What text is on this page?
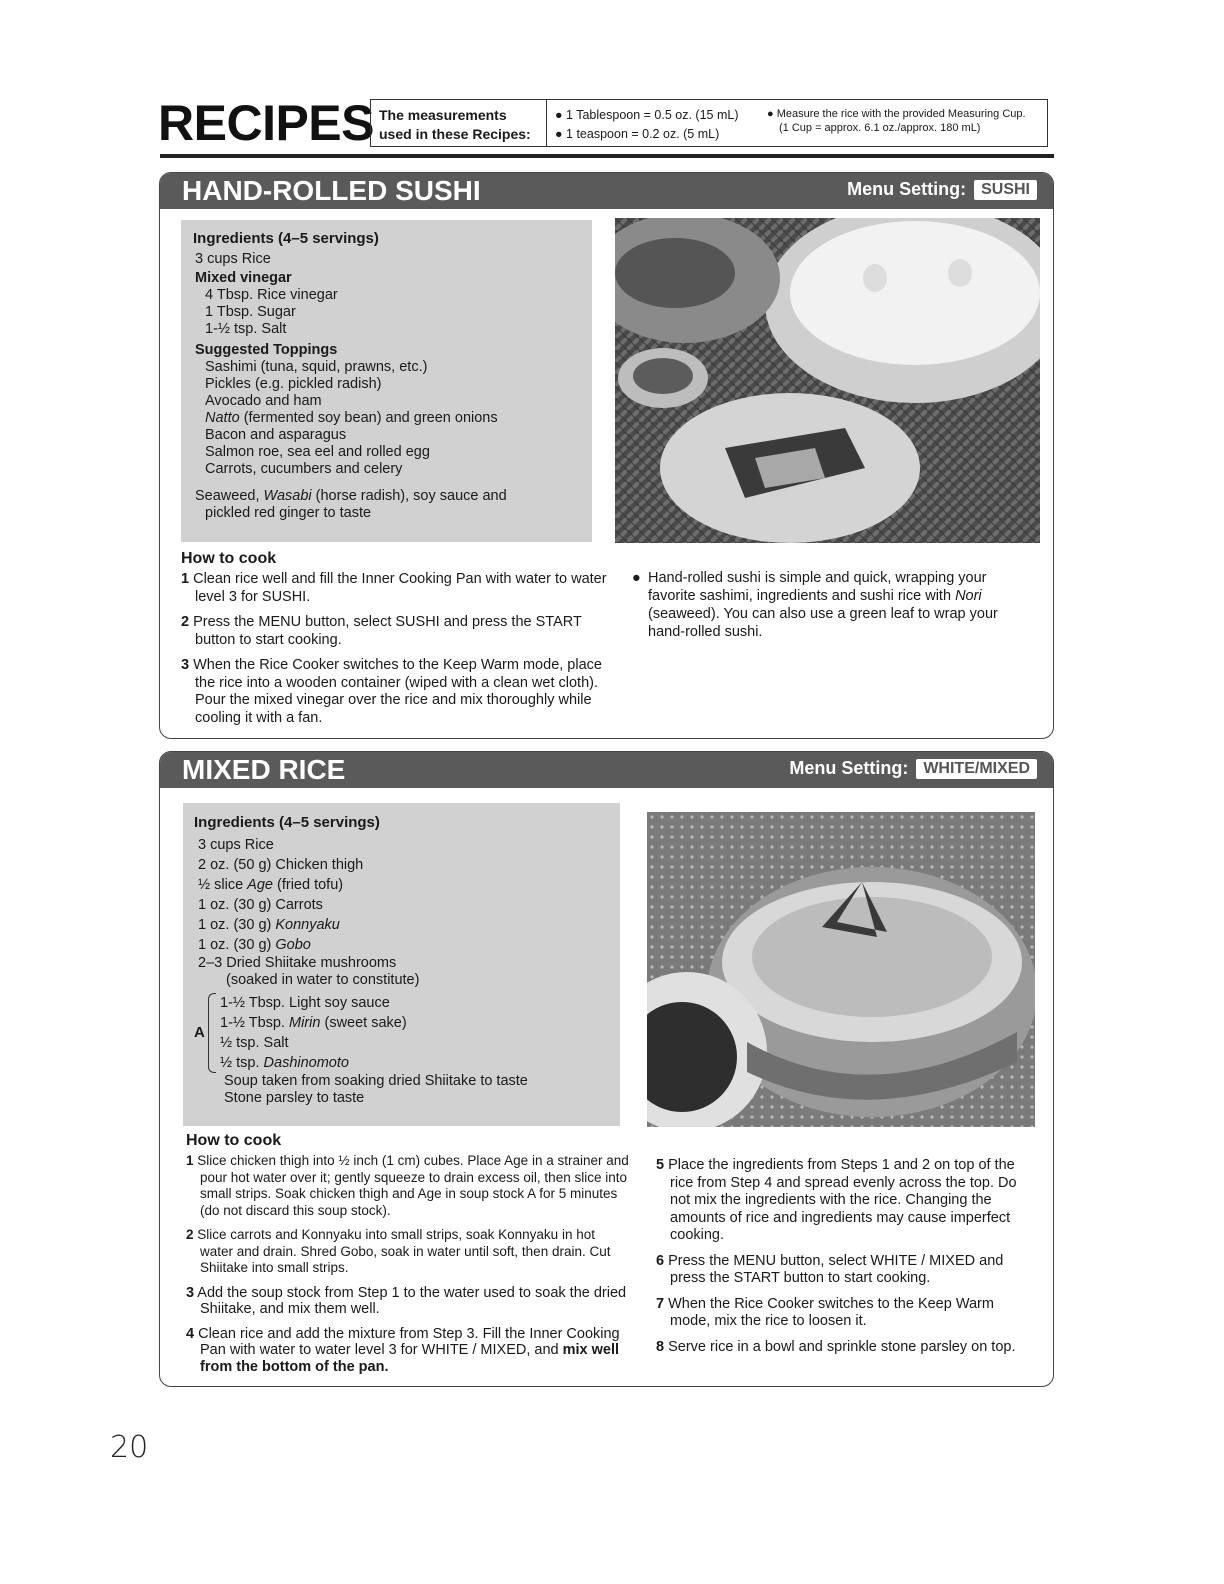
RECIPES The measurements
used in these Recipes:
● 1 Tablespoon = 0.5 oz. (15 mL)
● 1 teaspoon = 0.2 oz. (5 mL)
● Measure the rice with the provided Measuring Cup.
(1 Cup = approx. 6.1 oz./approx. 180 mL)
HAND-ROLLED SUSHI	Menu Setting: SUSHI
Ingredients (4–5 servings)
3 cups Rice
Mixed vinegar
4 Tbsp. Rice vinegar
1 Tbsp. Sugar
1-½ tsp. Salt
Suggested Toppings
Sashimi (tuna, squid, prawns, etc.)
Pickles (e.g. pickled radish)
Avocado and ham
Natto (fermented soy bean) and green onions
Bacon and asparagus
Salmon roe, sea eel and rolled egg
Carrots, cucumbers and celery
Seaweed, Wasabi (horse radish), soy sauce and
pickled red ginger to taste
How to cook
1 Clean rice well and fill the Inner Cooking Pan with water to water level 3 for SUSHI.
2 Press the MENU button, select SUSHI and press the START button to start cooking.
3 When the Rice Cooker switches to the Keep Warm mode, place the rice into a wooden container (wiped with a clean wet cloth). Pour the mixed vinegar over the rice and mix thoroughly while cooling it with a fan.
● Hand-rolled sushi is simple and quick, wrapping your favorite sashimi, ingredients and sushi rice with Nori (seaweed). You can also use a green leaf to wrap your hand-rolled sushi.
MIXED RICE	Menu Setting: WHITE/MIXED
Ingredients (4–5 servings)
3 cups Rice
2 oz. (50 g) Chicken thigh
½ slice Age (fried tofu)
1 oz. (30 g) Carrots
1 oz. (30 g) Konnyaku
1 oz. (30 g) Gobo
2–3 Dried Shiitake mushrooms
(soaked in water to constitute)
A
1-½ Tbsp. Light soy sauce
1-½ Tbsp. Mirin (sweet sake)
½ tsp. Salt
½ tsp. Dashinomoto
Soup taken from soaking dried Shiitake to taste
Stone parsley to taste
How to cook
1 Slice chicken thigh into ½ inch (1 cm) cubes. Place Age in a strainer and pour hot water over it; gently squeeze to drain excess oil, then slice into small strips. Soak chicken thigh and Age in soup stock A for 5 minutes (do not discard this soup stock).
2 Slice carrots and Konnyaku into small strips, soak Konnyaku in hot water and drain. Shred Gobo, soak in water until soft, then drain. Cut Shiitake into small strips.
3 Add the soup stock from Step 1 to the water used to soak the dried Shiitake, and mix them well.
4 Clean rice and add the mixture from Step 3. Fill the Inner Cooking Pan with water to water level 3 for WHITE / MIXED, and mix well from the bottom of the pan.
5 Place the ingredients from Steps 1 and 2 on top of the rice from Step 4 and spread evenly across the top. Do not mix the ingredients with the rice. Changing the amounts of rice and ingredients may cause imperfect cooking.
6 Press the MENU button, select WHITE / MIXED and press the START button to start cooking.
7 When the Rice Cooker switches to the Keep Warm mode, mix the rice to loosen it.
8 Serve rice in a bowl and sprinkle stone parsley on top.
20
